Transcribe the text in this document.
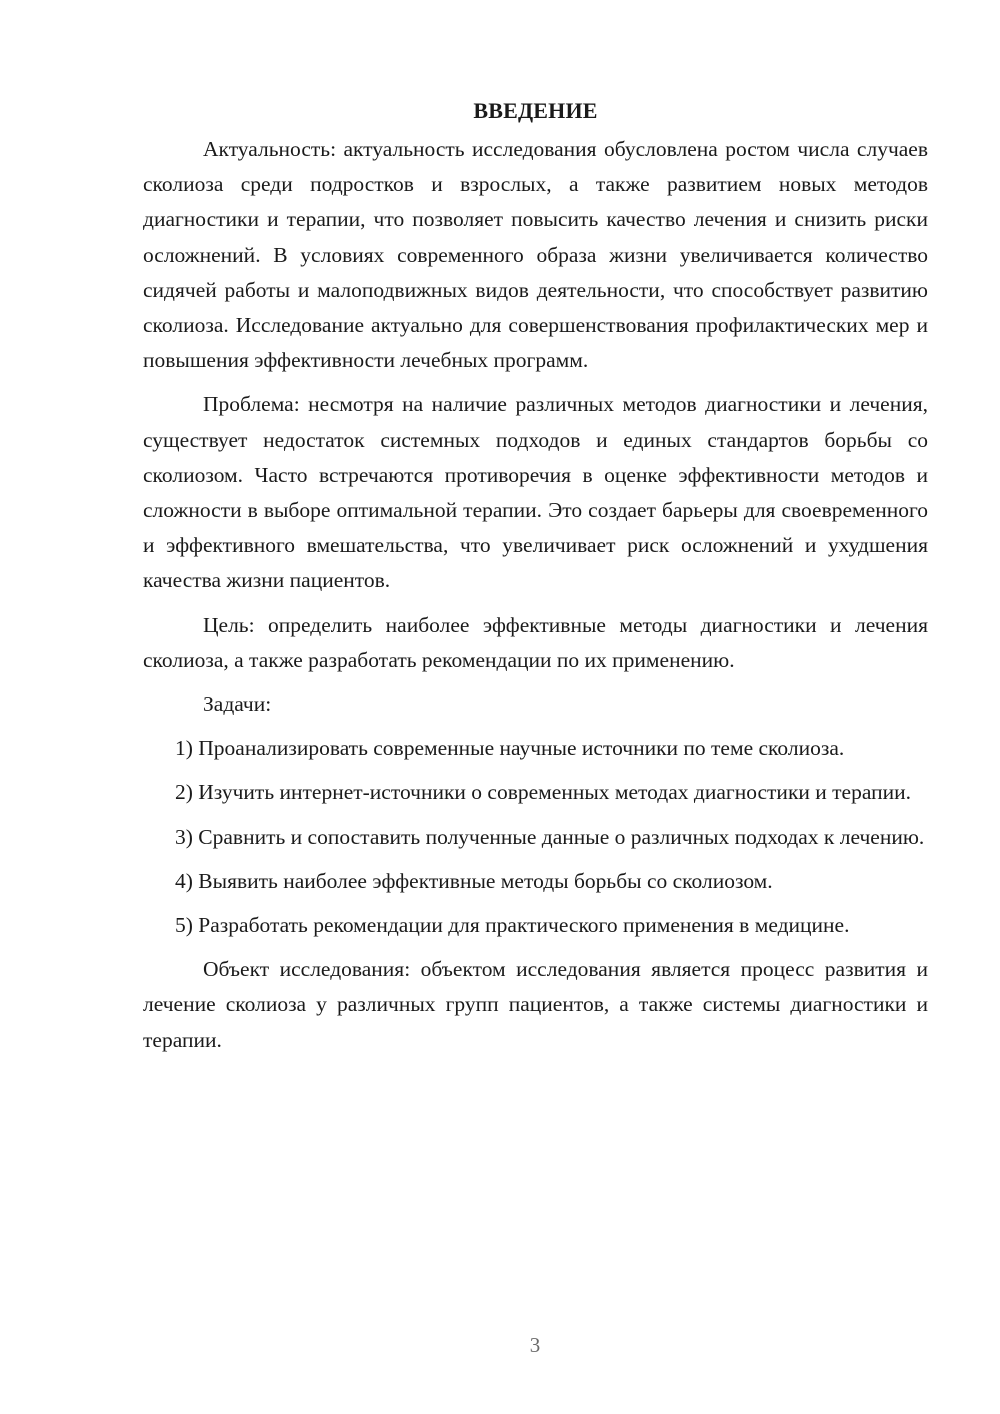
ВВЕДЕНИЕ

Актуальность: актуальность исследования обусловлена ростом числа случаев сколиоза среди подростков и взрослых, а также развитием новых методов диагностики и терапии, что позволяет повысить качество лечения и снизить риски осложнений. В условиях современного образа жизни увеличивается количество сидячей работы и малоподвижных видов деятельности, что способствует развитию сколиоза. Исследование актуально для совершенствования профилактических мер и повышения эффективности лечебных программ.

Проблема: несмотря на наличие различных методов диагностики и лечения, существует недостаток системных подходов и единых стандартов борьбы со сколиозом. Часто встречаются противоречия в оценке эффективности методов и сложности в выборе оптимальной терапии. Это создает барьеры для своевременного и эффективного вмешательства, что увеличивает риск осложнений и ухудшения качества жизни пациентов.

Цель: определить наиболее эффективные методы диагностики и лечения сколиоза, а также разработать рекомендации по их применению.

Задачи:

1) Проанализировать современные научные источники по теме сколиоза.

2) Изучить интернет-источники о современных методах диагностики и терапии.

3) Сравнить и сопоставить полученные данные о различных подходах к лечению.

4) Выявить наиболее эффективные методы борьбы со сколиозом.

5) Разработать рекомендации для практического применения в медицине.

Объект исследования: объектом исследования является процесс развития и лечение сколиоза у различных групп пациентов, а также системы диагностики и терапии.

3
